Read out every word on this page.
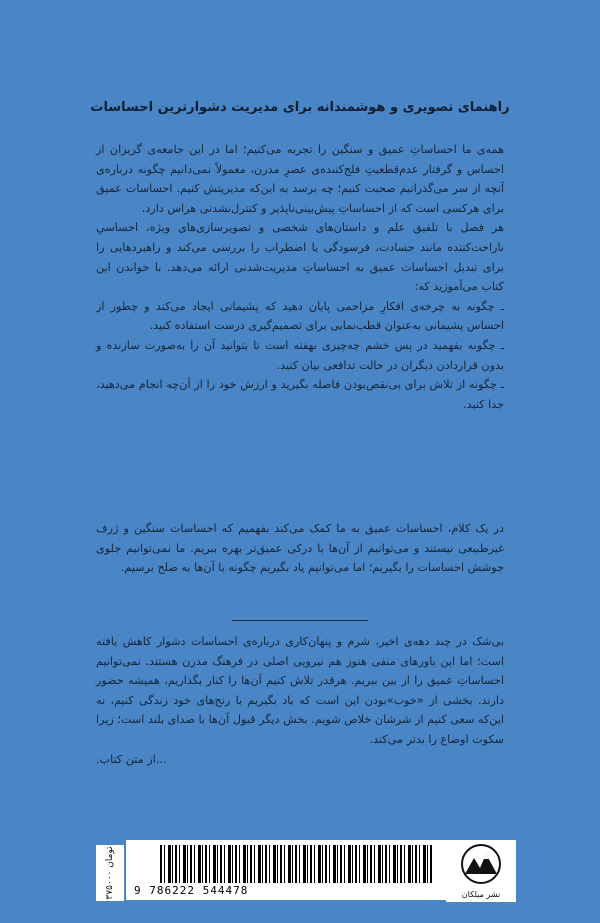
راهنمای تصویری و هوشمندانه برای مدیریت دشوارترین احساسات

همه‌ی ما احساساتِ عمیق و سنگین را تجربه می‌کنیم؛ اما در این جامعه‌ی گریزان از احساس و گرفتار عدم‌قطعیتِ فلج‌کننده‌ی عصرِ مدرن، معمولاً نمی‌دانیم چگونه درباره‌ی آنچه از سر می‌گذرانیم صحبت کنیم؛ چه برسد به این‌که مدیریتش کنیم. احساسات عمیق برای هرکسی است که از احساساتِ پیش‌بینی‌ناپذیر و کنترل‌نشدنی هراس دارد.

هر فصل با تلفیق علم و داستان‌های شخصی و تصویرسازی‌های ویژه، احساسیِ ناراحت‌کننده مانند حسادت، فرسودگی یا اضطراب را بررسی می‌کند و راهبردهایی را برای تبدیل احساسات عمیق به احساساتِ مدیریت‌شدنی ارائه می‌دهد. با خواندن این کتاب می‌آموزید که:

ـ چگونه به چرخه‌ی افکارِ مزاحمی پایان دهید که پشیمانی ایجاد می‌کند و چطور از احساس پشیمانی به‌عنوان قطب‌نمایی برای تصمیم‌گیری درست استفاده کنید.

ـ چگونه بفهمید در پس خشم چه‌چیزی نهفته است تا بتوانید آن را به‌صورت سازنده و بدون قراردادن دیگران در حالت تدافعی بیان کنید.

ـ چگونه از تلاش برای بی‌نقص‌بودن فاصله بگیرید و ارزش خود را از آن‌چه انجام می‌دهید، جدا کنید.

در یک کلام، احساسات عمیق به ما کمک می‌کند بفهمیم که احساسات سنگین و ژرف غیرطبیعی نیستند و می‌توانیم از آن‌ها با درکی عمیق‌تر بهره ببریم. ما نمی‌توانیم جلوی جوشش احساسات را بگیریم؛ اما می‌توانیم یاد بگیریم چگونه با آن‌ها به صلح برسیم.

بی‌شک در چند دهه‌ی اخیر، شرم و پنهان‌کاری درباره‌ی احساسات دشوار کاهش یافته است؛ اما این باورهای منفی هنوز هم نیرویی اصلی در فرهنگ مدرن هستند. نمی‌توانیم احساساتِ عمیق را از بین ببریم. هرقدر تلاش کنیم آن‌ها را کنار بگذاریم، همیشه حضور دارند. بخشی از «خوب»بودن این است که یاد بگیریم با رنج‌های خود زندگی کنیم، نه این‌که سعی کنیم از شرشان خلاص شویم. بخش دیگر قبول آن‌ها با صدای بلند است؛ زیرا سکوت اوضاع را بدتر می‌کند.

...از متن کتاب.

۳۷۵۰۰۰ تومان
9 786222 544478	نشر میلکان
